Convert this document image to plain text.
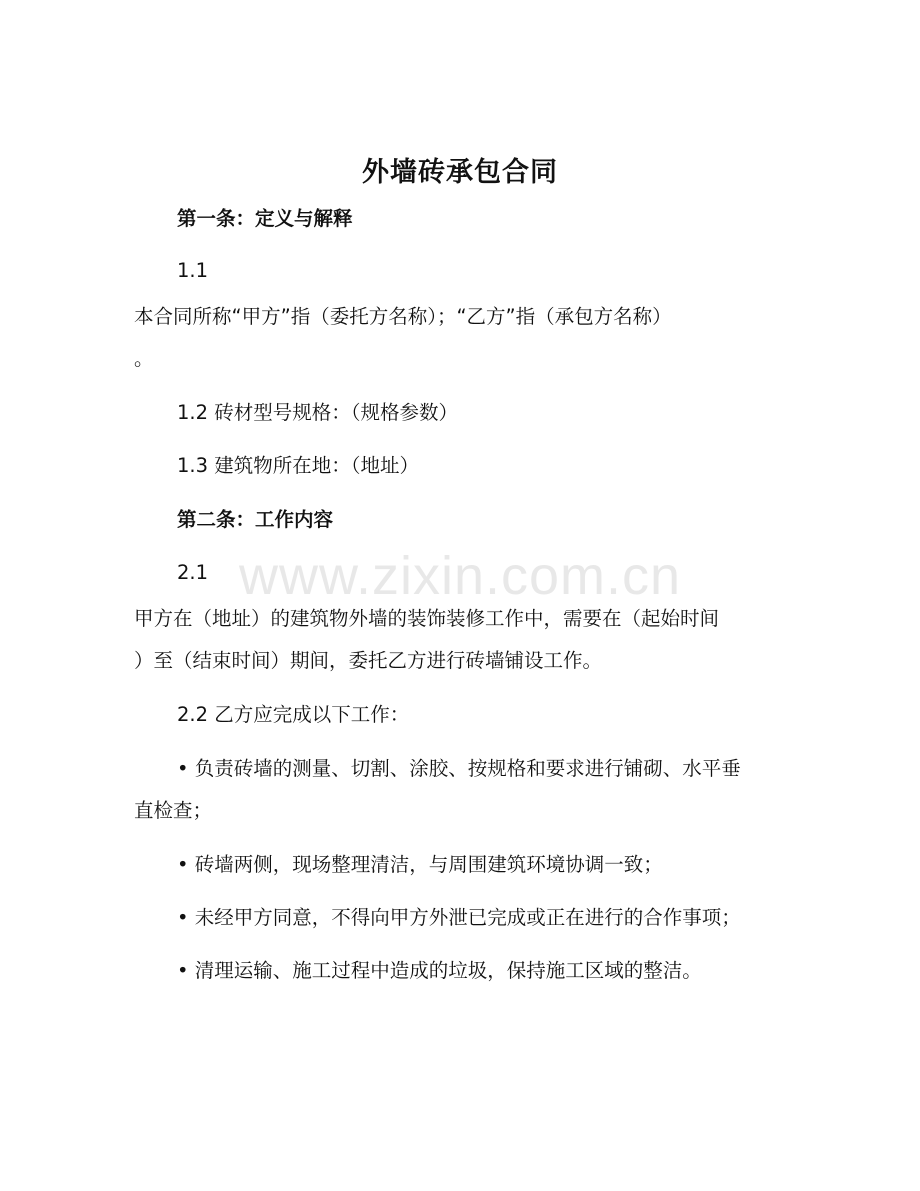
外墙砖承包合同
第一条：定义与解释
1.1
本合同所称“甲方”指（委托方名称）；“乙方”指（承包方名称）
。
1.2 砖材型号规格：（规格参数）
1.3 建筑物所在地：（地址）
第二条：工作内容
2.1
甲方在（地址）的建筑物外墙的装饰装修工作中，需要在（起始时间
）至（结束时间）期间，委托乙方进行砖墙铺设工作。
2.2 乙方应完成以下工作：
• 负责砖墙的测量、切割、涂胶、按规格和要求进行铺砌、水平垂
直检查；
• 砖墙两侧，现场整理清洁，与周围建筑环境协调一致；
• 未经甲方同意，不得向甲方外泄已完成或正在进行的合作事项；
• 清理运输、施工过程中造成的垃圾，保持施工区域的整洁。
www.zixin.com.cn
